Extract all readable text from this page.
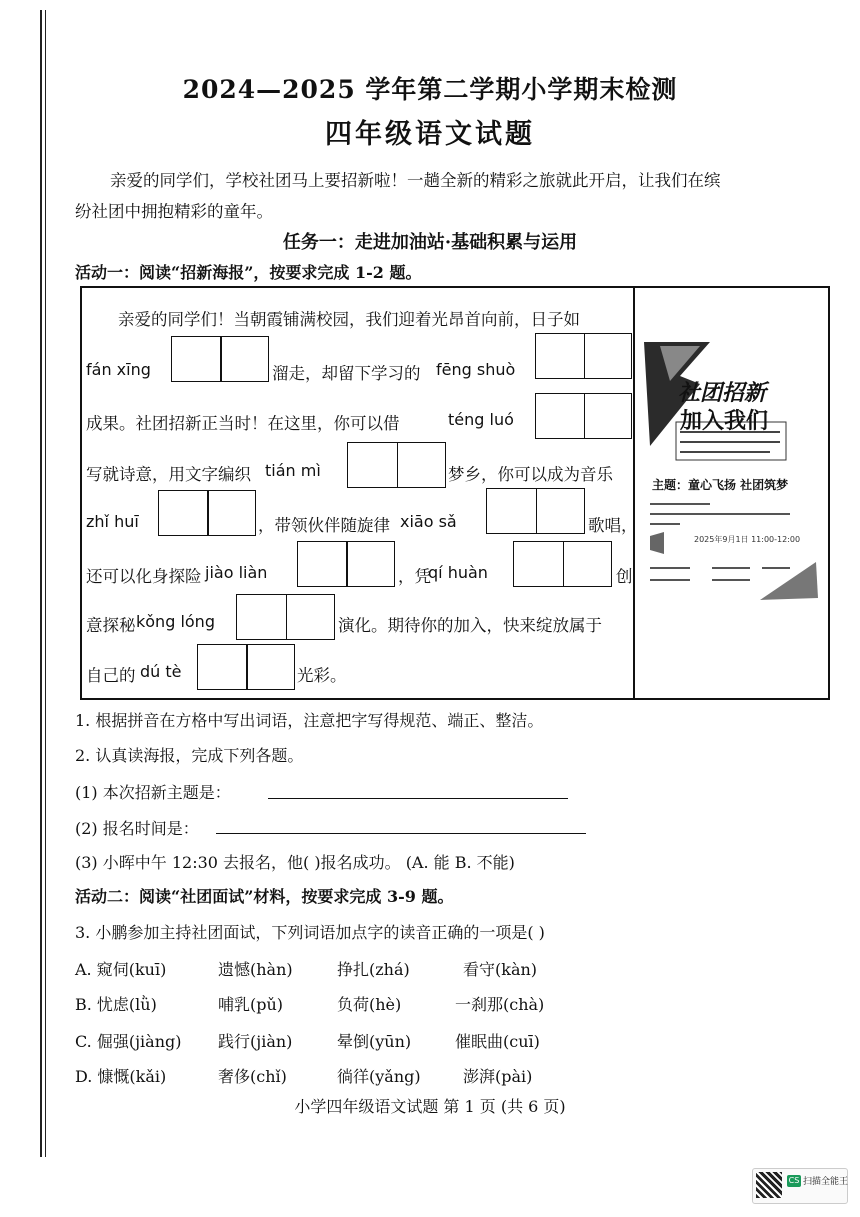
2024—2025 学年第二学期小学期末检测
四年级语文试题
亲爱的同学们，学校社团马上要招新啦！一趟全新的精彩之旅就此开启，让我们在缤
纷社团中拥抱精彩的童年。
任务一：走进加油站·基础积累与运用
活动一：阅读“招新海报”，按要求完成 1-2 题。
亲爱的同学们！当朝霞铺满校园，我们迎着光昂首向前，日子如
fán xīng	溜走，却留下学习的 fēng shuò
成果。社团招新正当时！在这里，你可以借	téng luó
写就诗意，用文字编织 tián mì	梦乡，你可以成为音乐
zhǐ huī	，带领伙伴随旋律 xiāo sǎ	歌唱，
还可以化身探险 jiào liàn	，凭
qí huàn	创
意探秘 kǒng lóng	演化。期待你的加入，快来绽放属于
自己的 dú tè	光彩。
社团招新
加入我们
主题：童心飞扬 社团筑梦
2025年9月1日 11:00-12:00
1. 根据拼音在方格中写出词语，注意把字写得规范、端正、整洁。
2. 认真读海报，完成下列各题。
(1) 本次招新主题是：
(2) 报名时间是：
(3) 小晖中午 12:30 去报名，他( )报名成功。 (A. 能 B. 不能)
活动二：阅读“社团面试”材料，按要求完成 3-9 题。
3. 小鹏参加主持社团面试，下列词语加点字的读音正确的一项是( )
A. 窥伺(kuī)	遗憾(hàn)	挣扎(zhá)	看守(kàn)
B. 忧虑(lǜ)	哺乳(pǔ)	负荷(hè)	一刹那(chà)
C. 倔强(jiàng) 践行(jiàn)	晕倒(yūn)	催眠曲(cuī)
D. 慷慨(kǎi)	奢侈(chǐ)	徜徉(yǎng)	澎湃(pài)
小学四年级语文试题 第 1 页 (共 6 页)
CS 扫描全能王
